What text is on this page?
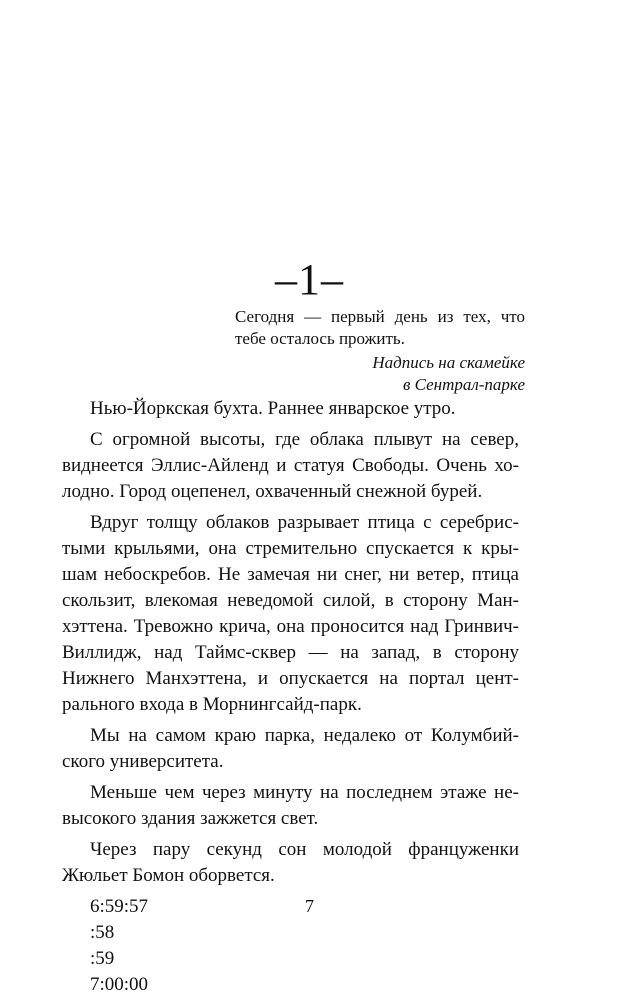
–1–
Сегодня — первый день из тех, что тебе осталось прожить.
Надпись на скамейке
в Сентрал-парке

Нью-Йоркская бухта. Раннее январское утро.

С огромной высоты, где облака плывут на север, виднеется Эллис-Айленд и статуя Свободы. Очень холодно. Город оцепенел, охваченный снежной бурей.

Вдруг толщу облаков разрывает птица с серебристыми крыльями, она стремительно спускается к крышам небоскребов. Не замечая ни снег, ни ветер, птица скользит, влекомая неведомой силой, в сторону Манхэттена. Тревожно крича, она проносится над Гринвич-Виллидж, над Таймс-сквер — на запад, в сторону Нижнего Манхэттена, и опускается на портал центрального входа в Морнингсайд-парк.

Мы на самом краю парка, недалеко от Колумбийского университета.

Меньше чем через минуту на последнем этаже невысокого здания зажжется свет.

Через пару секунд сон молодой француженки Жюльет Бомон оборвется.

6:59:57
:58
:59
7:00:00
7
